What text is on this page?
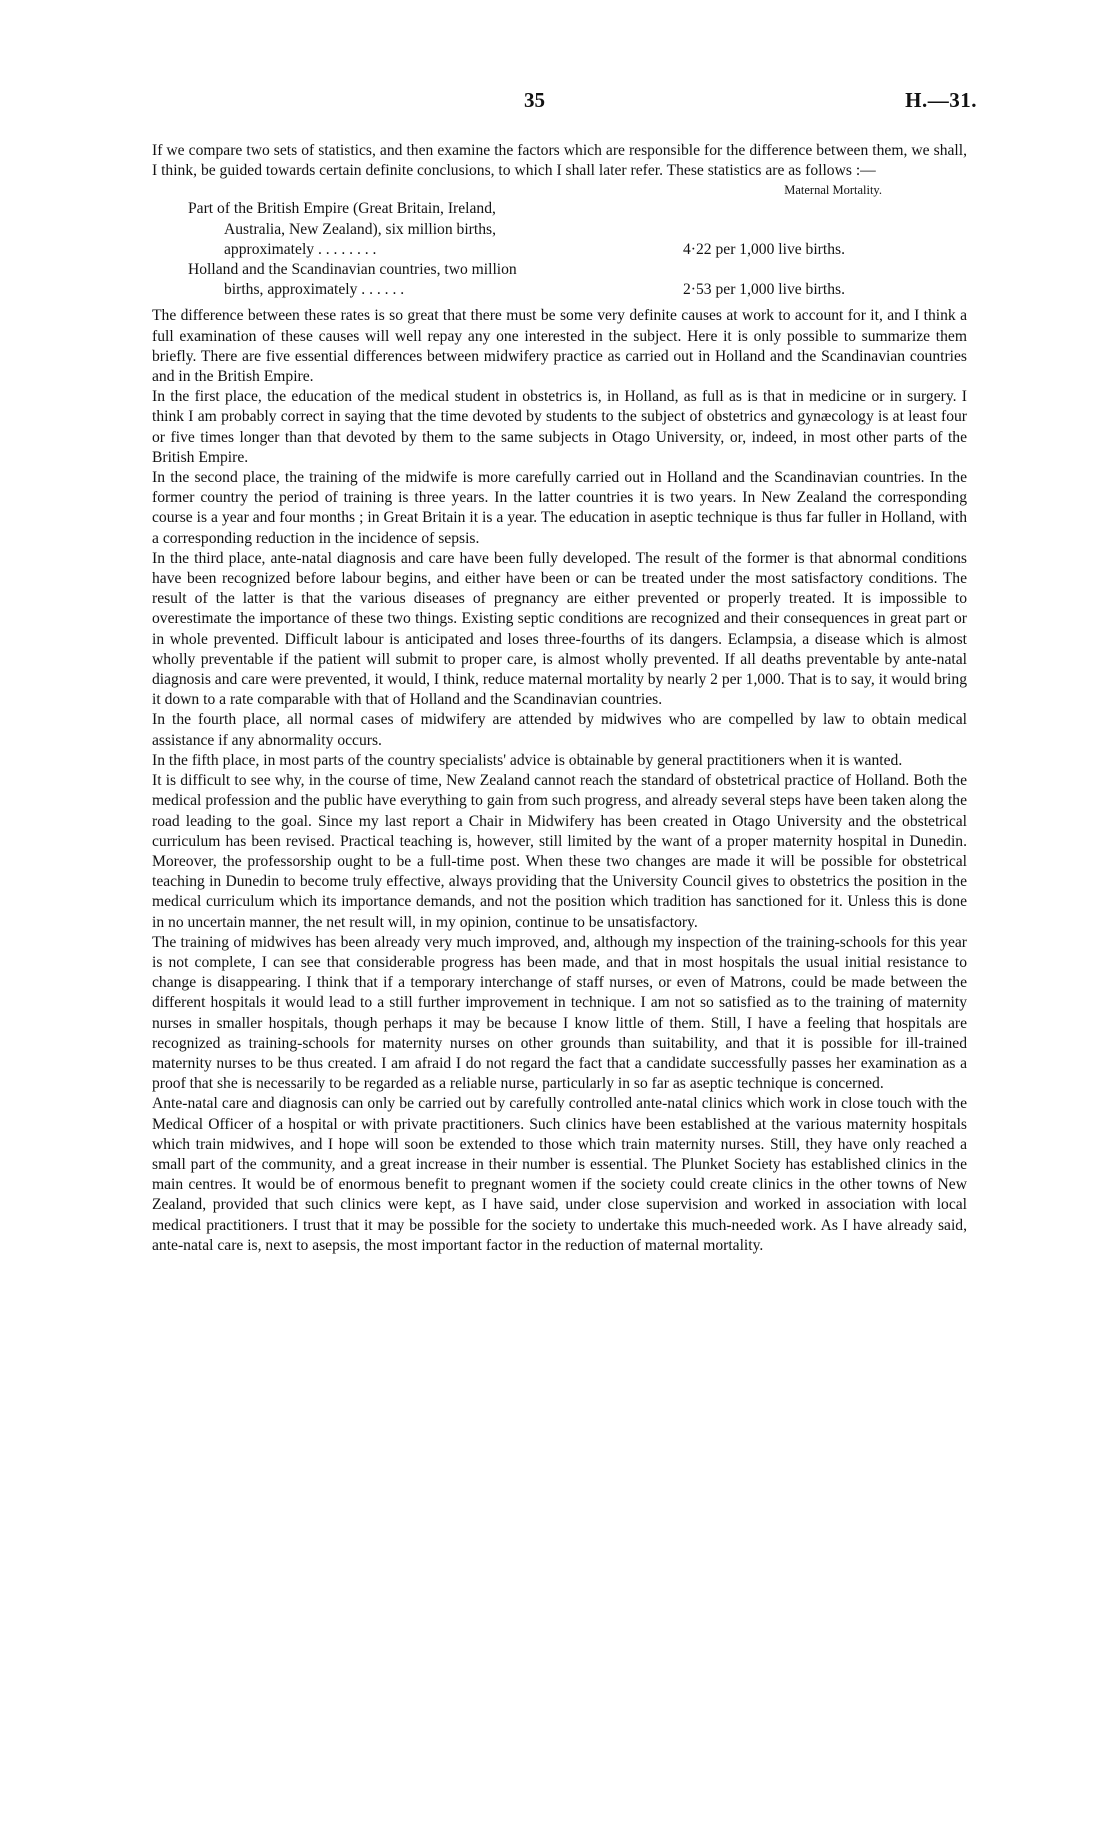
35	H.—31.

If we compare two sets of statistics, and then examine the factors which are responsible for the difference between them, we shall, I think, be guided towards certain definite conclusions, to which I shall later refer. These statistics are as follows :—

Maternal Mortality.
Part of the British Empire (Great Britain, Ireland,
Australia, New Zealand), six million births,
approximately . . . . . . . .	4·22 per 1,000 live births.
Holland and the Scandinavian countries, two million
births, approximately . . . . . .	2·53 per 1,000 live births.

The difference between these rates is so great that there must be some very definite causes at work to account for it, and I think a full examination of these causes will well repay any one interested in the subject. Here it is only possible to summarize them briefly. There are five essential differences between midwifery practice as carried out in Holland and the Scandinavian countries and in the British Empire.

In the first place, the education of the medical student in obstetrics is, in Holland, as full as is that in medicine or in surgery. I think I am probably correct in saying that the time devoted by students to the subject of obstetrics and gynæcology is at least four or five times longer than that devoted by them to the same subjects in Otago University, or, indeed, in most other parts of the British Empire.

In the second place, the training of the midwife is more carefully carried out in Holland and the Scandinavian countries. In the former country the period of training is three years. In the latter countries it is two years. In New Zealand the corresponding course is a year and four months ; in Great Britain it is a year. The education in aseptic technique is thus far fuller in Holland, with a corresponding reduction in the incidence of sepsis.

In the third place, ante-natal diagnosis and care have been fully developed. The result of the former is that abnormal conditions have been recognized before labour begins, and either have been or can be treated under the most satisfactory conditions. The result of the latter is that the various diseases of pregnancy are either prevented or properly treated. It is impossible to overestimate the importance of these two things. Existing septic conditions are recognized and their consequences in great part or in whole prevented. Difficult labour is anticipated and loses three-fourths of its dangers. Eclampsia, a disease which is almost wholly preventable if the patient will submit to proper care, is almost wholly prevented. If all deaths preventable by ante-natal diagnosis and care were prevented, it would, I think, reduce maternal mortality by nearly 2 per 1,000. That is to say, it would bring it down to a rate comparable with that of Holland and the Scandinavian countries.

In the fourth place, all normal cases of midwifery are attended by midwives who are compelled by law to obtain medical assistance if any abnormality occurs.

In the fifth place, in most parts of the country specialists' advice is obtainable by general practitioners when it is wanted.

It is difficult to see why, in the course of time, New Zealand cannot reach the standard of obstetrical practice of Holland. Both the medical profession and the public have everything to gain from such progress, and already several steps have been taken along the road leading to the goal. Since my last report a Chair in Midwifery has been created in Otago University and the obstetrical curriculum has been revised. Practical teaching is, however, still limited by the want of a proper maternity hospital in Dunedin. Moreover, the professorship ought to be a full-time post. When these two changes are made it will be possible for obstetrical teaching in Dunedin to become truly effective, always providing that the University Council gives to obstetrics the position in the medical curriculum which its importance demands, and not the position which tradition has sanctioned for it. Unless this is done in no uncertain manner, the net result will, in my opinion, continue to be unsatisfactory.

The training of midwives has been already very much improved, and, although my inspection of the training-schools for this year is not complete, I can see that considerable progress has been made, and that in most hospitals the usual initial resistance to change is disappearing. I think that if a temporary interchange of staff nurses, or even of Matrons, could be made between the different hospitals it would lead to a still further improvement in technique. I am not so satisfied as to the training of maternity nurses in smaller hospitals, though perhaps it may be because I know little of them. Still, I have a feeling that hospitals are recognized as training-schools for maternity nurses on other grounds than suitability, and that it is possible for ill-trained maternity nurses to be thus created. I am afraid I do not regard the fact that a candidate successfully passes her examination as a proof that she is necessarily to be regarded as a reliable nurse, particularly in so far as aseptic technique is concerned.

Ante-natal care and diagnosis can only be carried out by carefully controlled ante-natal clinics which work in close touch with the Medical Officer of a hospital or with private practitioners. Such clinics have been established at the various maternity hospitals which train midwives, and I hope will soon be extended to those which train maternity nurses. Still, they have only reached a small part of the community, and a great increase in their number is essential. The Plunket Society has established clinics in the main centres. It would be of enormous benefit to pregnant women if the society could create clinics in the other towns of New Zealand, provided that such clinics were kept, as I have said, under close supervision and worked in association with local medical practitioners. I trust that it may be possible for the society to undertake this much-needed work. As I have already said, ante-natal care is, next to asepsis, the most important factor in the reduction of maternal mortality.
